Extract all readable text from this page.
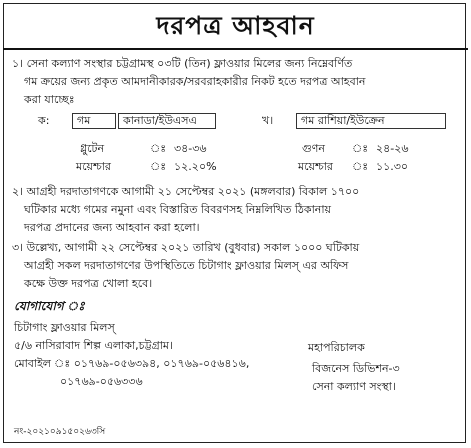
দরপত্র আহবান
১। সেনা কল্যাণ সংস্থার চট্টগ্রামস্থ ০৩টি (তিন) ফ্লাওয়ার মিলের জন্য নিম্নেবর্ণিত
গম ক্রয়ের জন্য প্রকৃত আমদানীকারক/সরবরাহকারীর নিকট হতে দরপত্র আহবান
করা যাচ্ছেঃ
ক:	গম	কানাডা/ইউএসএ	খ।	গম রাশিয়া/ইউক্রেন
গ্লুটেন	ঃ ৩৪-৩৬	গুণন ঃ ২৪-২৬
ময়েশ্চার	ঃ ১২.২০%	ময়েশ্চার ঃ ১১.৩০
২। আগ্রহী দরদাতাগণকে আগামী ২১ সেপ্টেম্বর ২০২১ (মঙ্গলবার) বিকাল ১৭০০
ঘটিকার মধ্যে গমের নমুনা এবং বিস্তারিত বিবরণসহ নিম্নলিখিত ঠিকানায়
দরপত্র প্রদানের জন্য আহবান করা হলো।
৩। উল্লেখ্য, আগামী ২২ সেপ্টেম্বর ২০২১ তারিখ (বুধবার) সকাল ১০০০ ঘটিকায়
আগ্রহী সকল দরদাতাগণের উপস্থিতিতে চিটাগাং ফ্লাওয়ার মিলস্ এর অফিস
কক্ষে উক্ত দরপত্র খোলা হবে।
যোগাযোগ ঃ
চিটাগাং ফ্লাওয়ার মিলস্
৫/৬ নাসিরাবাদ শিল্প এলাকা,চট্টগ্রাম।
মোবাইল ঃ ০১৭৬৯-০৫৬৩৯৪, ০১৭৬৯-০৫৬৪১৬,
০১৭৬৯-০৫৬৩৩৬
মহাপরিচালক
বিজনেস ডিভিশন-৩
সেনা কল্যাণ সংস্থা।
নং-২০২১০৯১৫০২৬৩সি
